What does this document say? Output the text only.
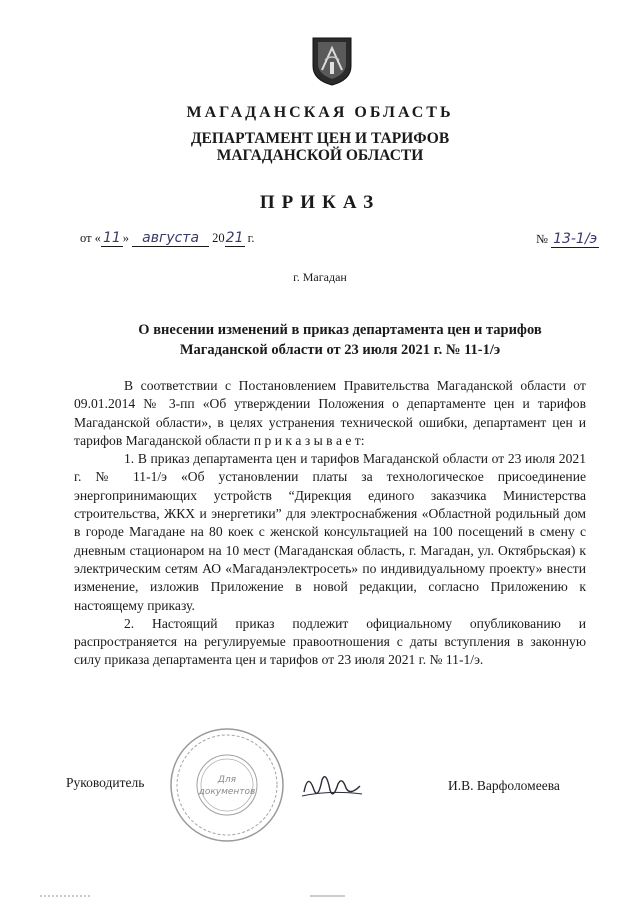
МАГАДАНСКАЯ ОБЛАСТЬ
ДЕПАРТАМЕНТ ЦЕН И ТАРИФОВ
МАГАДАНСКОЙ ОБЛАСТИ
ПРИКАЗ
от « 11 » августа 2021 г.	№ 13-1/э
г. Магадан
О внесении изменений в приказ департамента цен и тарифов
Магаданской области от 23 июля 2021 г. № 11-1/э

В соответствии с Постановлением Правительства Магаданской области от 09.01.2014 № 3-пп «Об утверждении Положения о департаменте цен и тарифов Магаданской области», в целях устранения технической ошибки, департамент цен и тарифов Магаданской области п р и к а з ы в а е т:

1. В приказ департамента цен и тарифов Магаданской области от 23 июля 2021 г. № 11-1/э «Об установлении платы за технологическое присоединение энергопринимающих устройств “Дирекция единого заказчика Министерства строительства, ЖКХ и энергетики” для электроснабжения «Областной родильный дом в городе Магадане на 80 коек с женской консультацией на 100 посещений в смену с дневным стационаром на 10 мест (Магаданская область, г. Магадан, ул. Октябрьская) к электрическим сетям АО «Магаданэлектросеть» по индивидуальному проекту» внести изменение, изложив Приложение в новой редакции, согласно Приложению к настоящему приказу.

2. Настоящий приказ подлежит официальному опубликованию и распространяется на регулируемые правоотношения с даты вступления в законную силу приказа департамента цен и тарифов от 23 июля 2021 г. № 11-1/э.

Для
документов
Руководитель	И.В. Варфоломеева
